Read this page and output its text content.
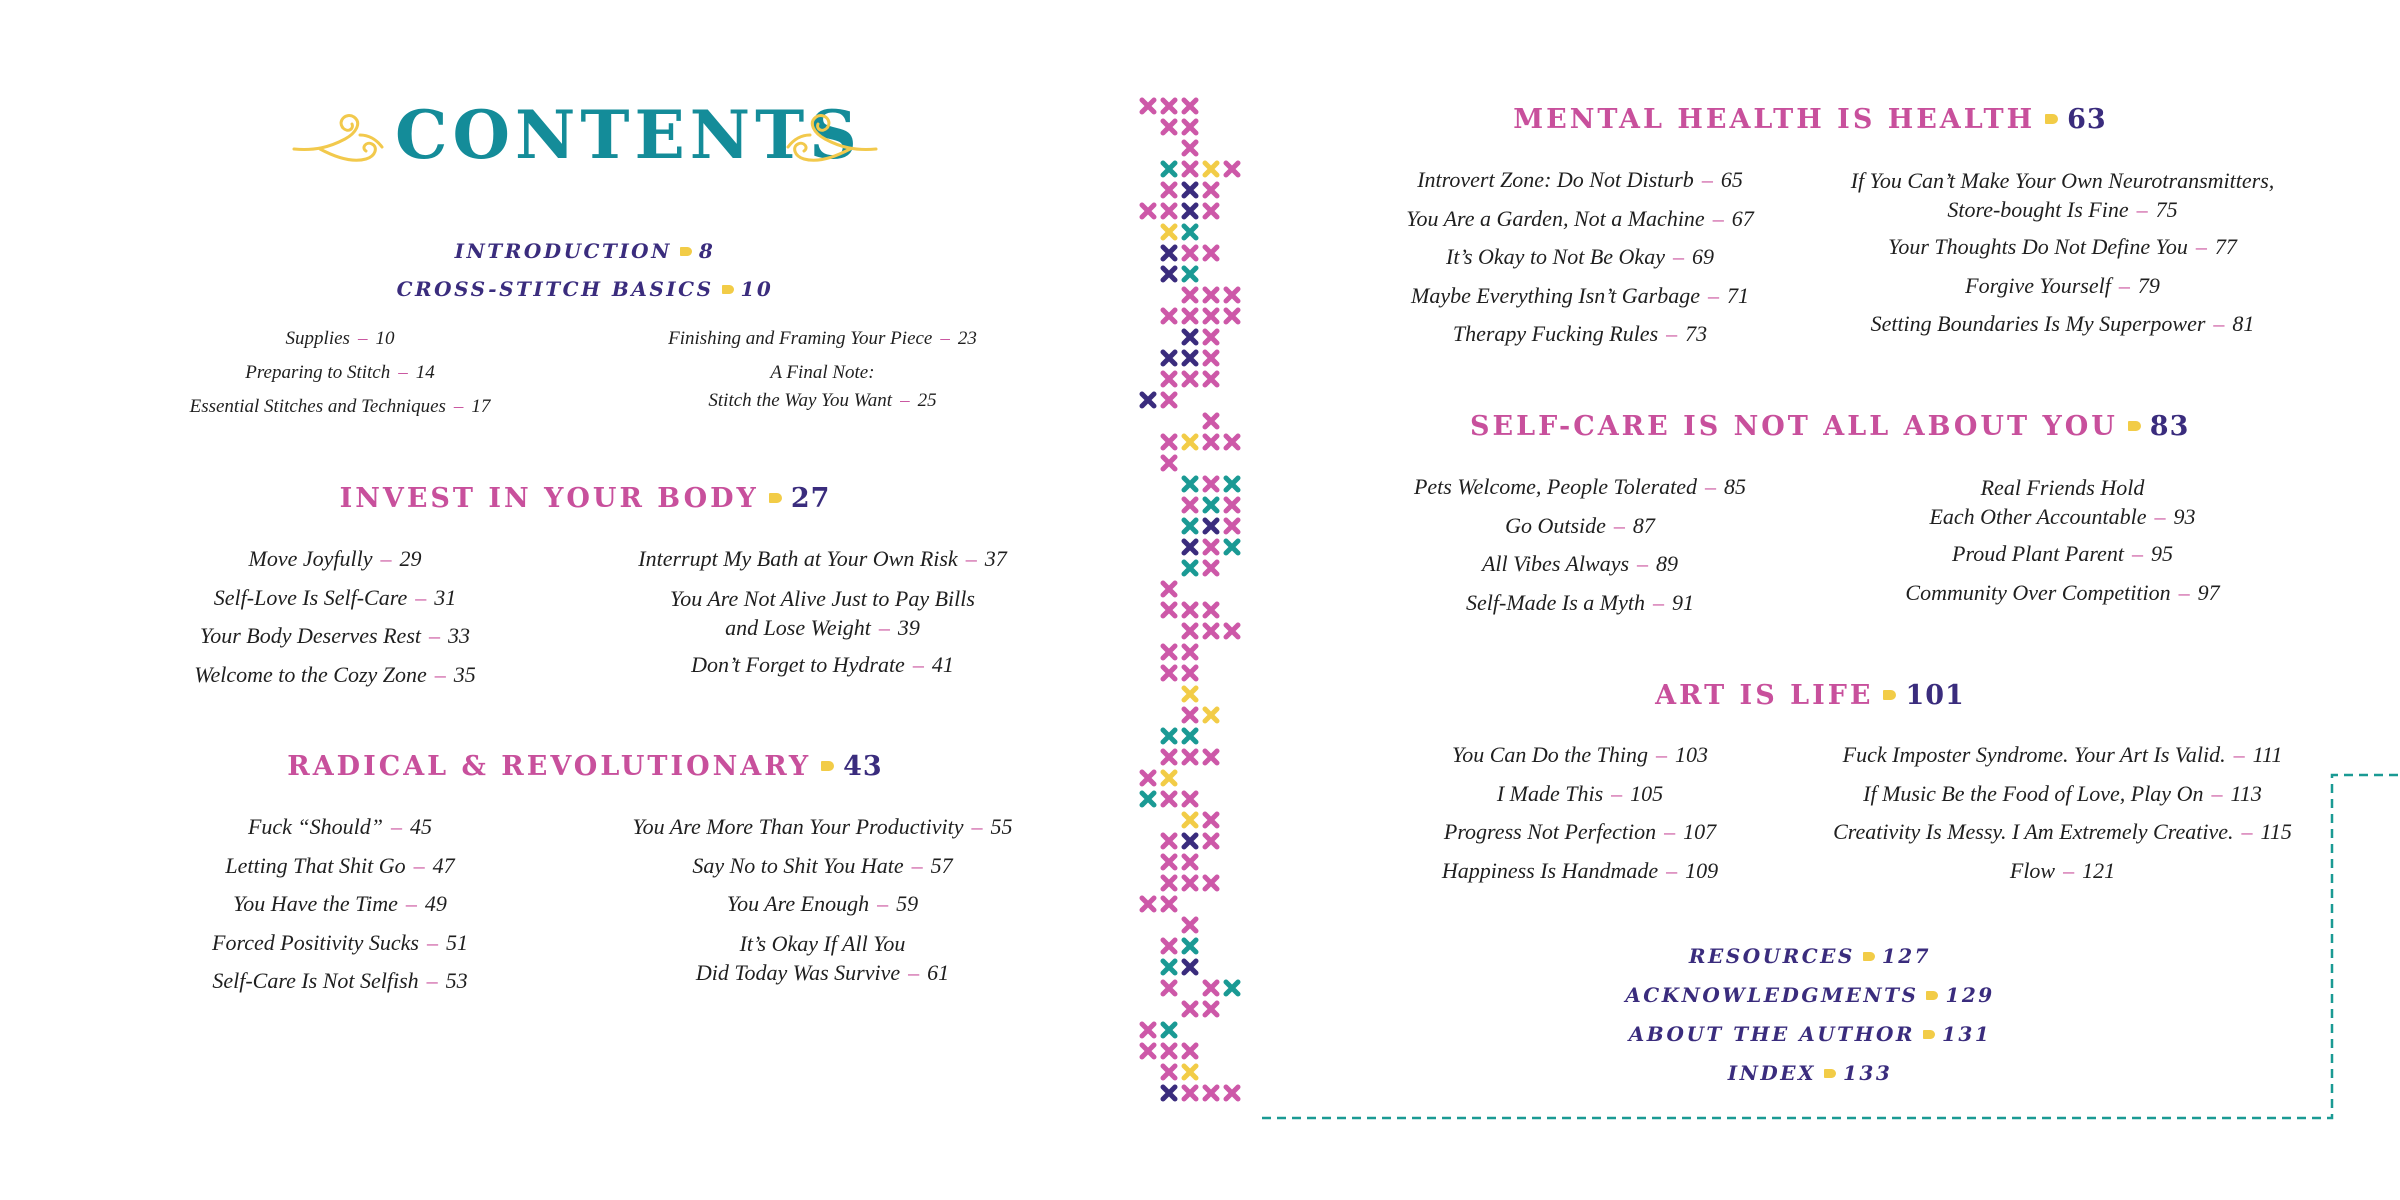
CONTENTS
INTRODUCTION 8
CROSS-STITCH BASICS 10
Supplies – 10
Preparing to Stitch – 14
Essential Stitches and Techniques – 17
Finishing and Framing Your Piece – 23
A Final Note:
Stitch the Way You Want – 25
INVEST IN YOUR BODY 27
Move Joyfully – 29
Self-Love Is Self-Care – 31
Your Body Deserves Rest – 33
Welcome to the Cozy Zone – 35
Interrupt My Bath at Your Own Risk – 37
You Are Not Alive Just to Pay Bills
and Lose Weight – 39
Don’t Forget to Hydrate – 41
RADICAL & REVOLUTIONARY 43
Fuck “Should” – 45
Letting That Shit Go – 47
You Have the Time – 49
Forced Positivity Sucks – 51
Self-Care Is Not Selfish – 53
You Are More Than Your Productivity – 55
Say No to Shit You Hate – 57
You Are Enough – 59
It’s Okay If All You
Did Today Was Survive – 61
MENTAL HEALTH IS HEALTH 63
Introvert Zone: Do Not Disturb – 65
You Are a Garden, Not a Machine – 67
It’s Okay to Not Be Okay – 69
Maybe Everything Isn’t Garbage – 71
Therapy Fucking Rules – 73
If You Can’t Make Your Own Neurotransmitters,
Store-bought Is Fine – 75
Your Thoughts Do Not Define You – 77
Forgive Yourself – 79
Setting Boundaries Is My Superpower – 81
SELF-CARE IS NOT ALL ABOUT YOU 83
Pets Welcome, People Tolerated – 85
Go Outside – 87
All Vibes Always – 89
Self-Made Is a Myth – 91
Real Friends Hold
Each Other Accountable – 93
Proud Plant Parent – 95
Community Over Competition – 97
ART IS LIFE 101
You Can Do the Thing – 103
I Made This – 105
Progress Not Perfection – 107
Happiness Is Handmade – 109
Fuck Imposter Syndrome. Your Art Is Valid. – 111
If Music Be the Food of Love, Play On – 113
Creativity Is Messy. I Am Extremely Creative. – 115
Flow – 121
RESOURCES 127
ACKNOWLEDGMENTS 129
ABOUT THE AUTHOR 131
INDEX 133
